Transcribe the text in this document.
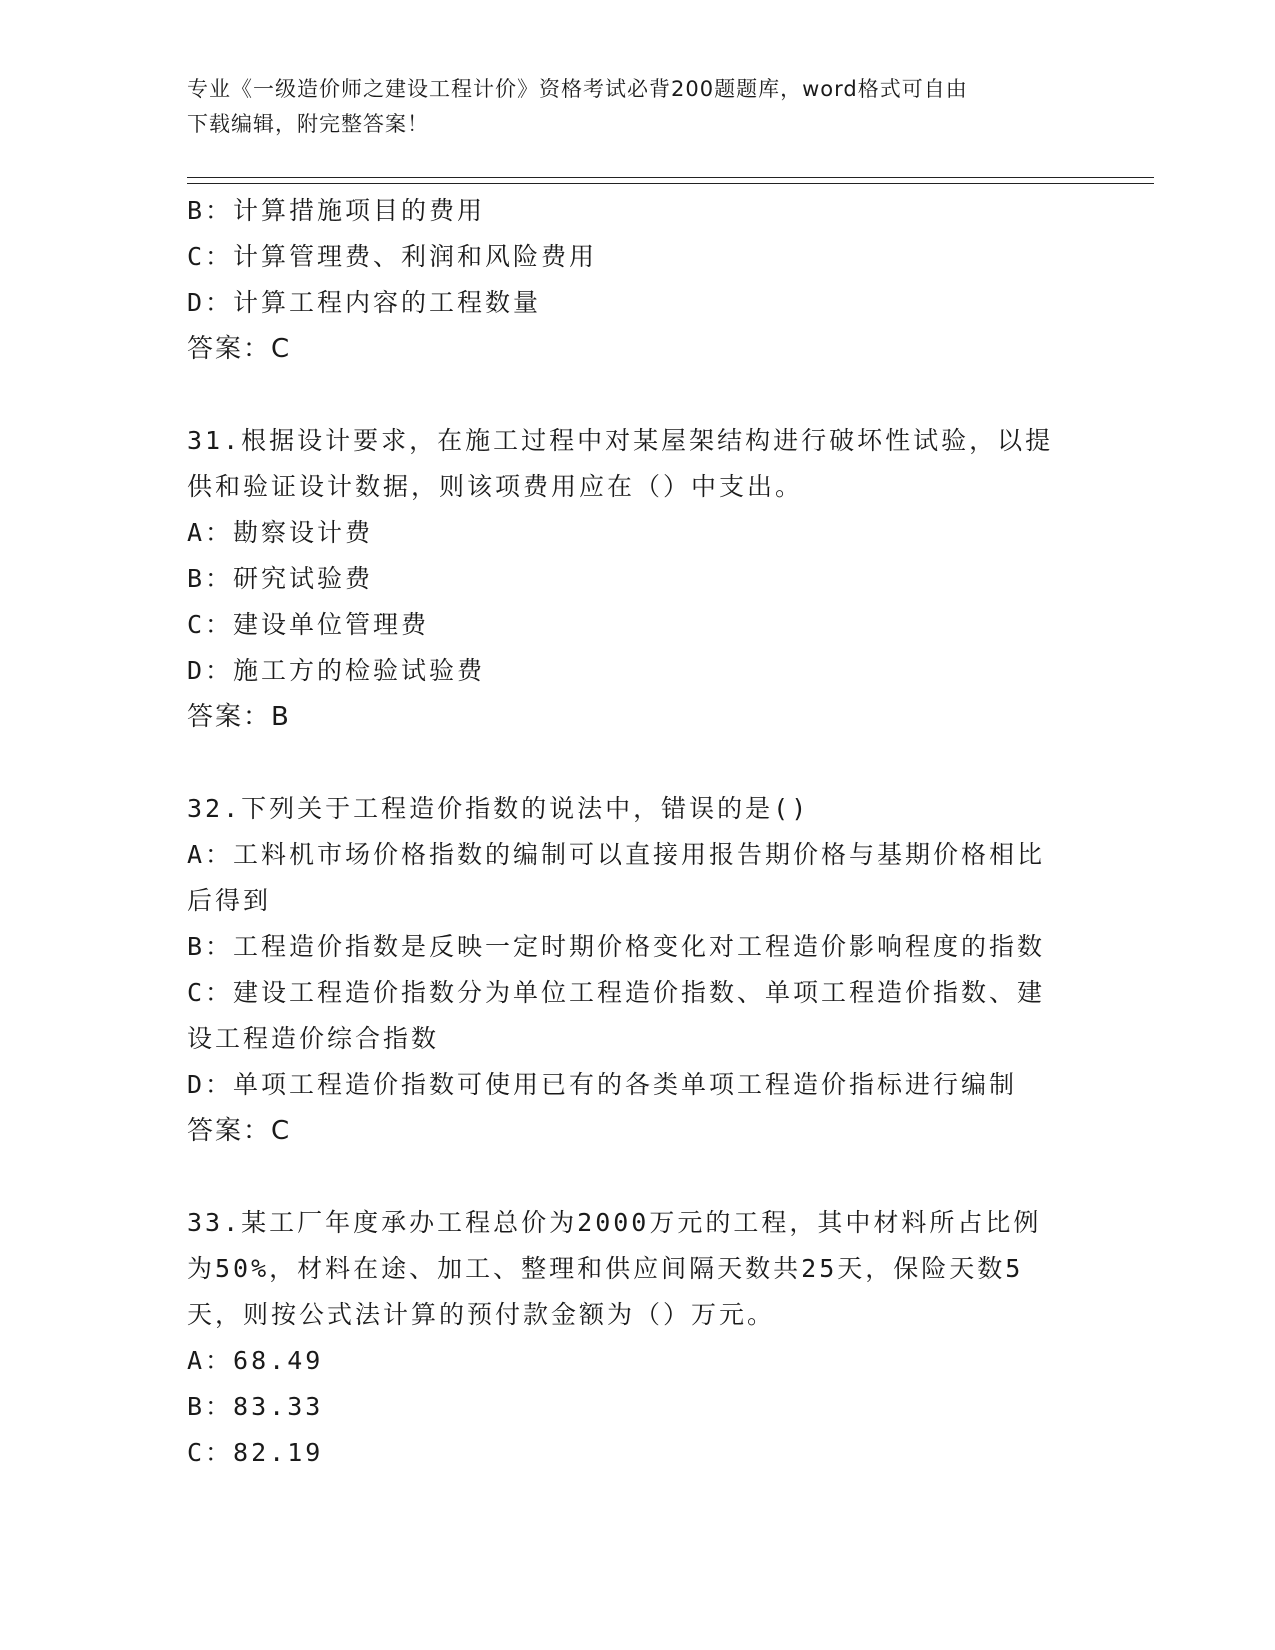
专业《一级造价师之建设工程计价》资格考试必背200题题库，word格式可自由
下载编辑，附完整答案！
B：计算措施项目的费用
C：计算管理费、利润和风险费用
D：计算工程内容的工程数量
答案：C
31.根据设计要求，在施工过程中对某屋架结构进行破坏性试验，以提
供和验证设计数据，则该项费用应在（）中支出。
A：勘察设计费
B：研究试验费
C：建设单位管理费
D：施工方的检验试验费
答案：B
32.下列关于工程造价指数的说法中，错误的是()
A：工料机市场价格指数的编制可以直接用报告期价格与基期价格相比
后得到
B：工程造价指数是反映一定时期价格变化对工程造价影响程度的指数
C：建设工程造价指数分为单位工程造价指数、单项工程造价指数、建
设工程造价综合指数
D：单项工程造价指数可使用已有的各类单项工程造价指标进行编制
答案：C
33.某工厂年度承办工程总价为2000万元的工程，其中材料所占比例
为50%，材料在途、加工、整理和供应间隔天数共25天，保险天数5
天，则按公式法计算的预付款金额为（）万元。
A：68.49
B：83.33
C：82.19
